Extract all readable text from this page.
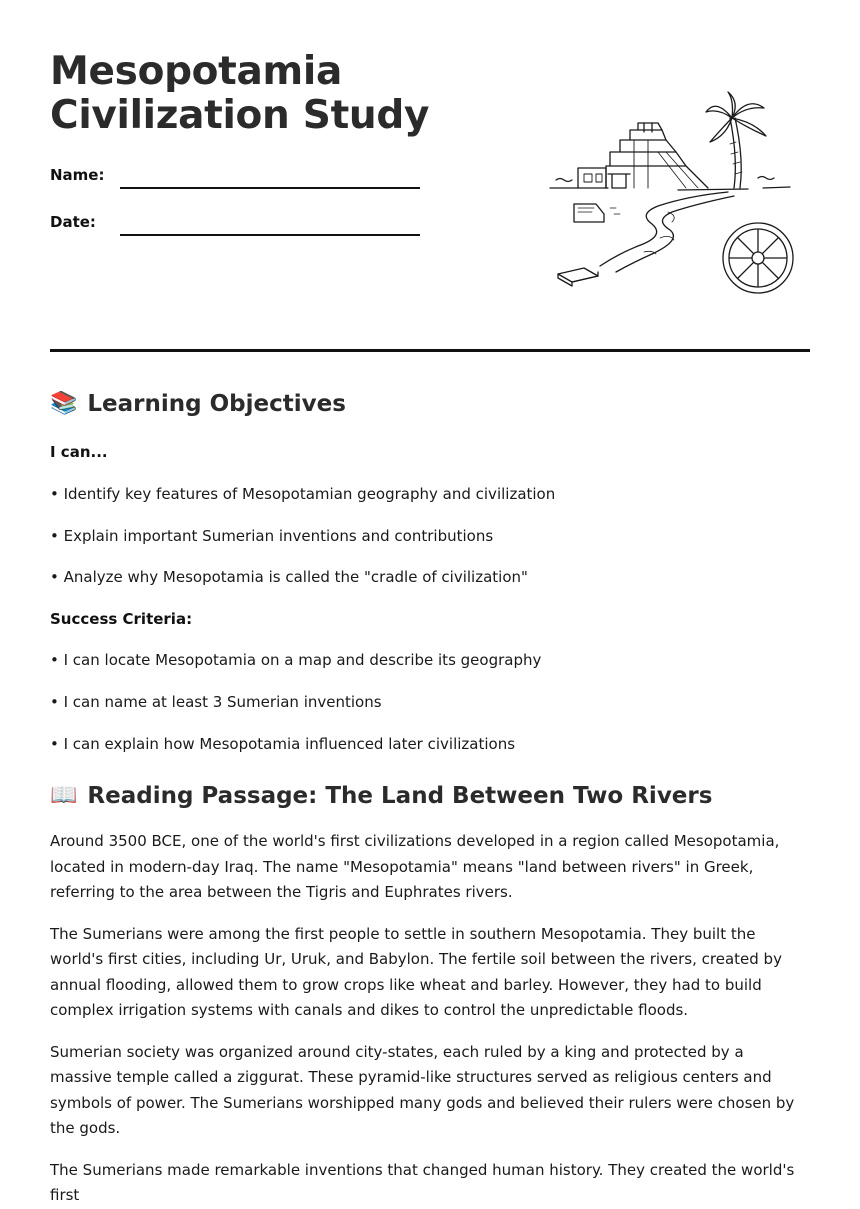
Mesopotamia
Civilization Study
Name:
Date:
📚 Learning Objectives

I can...

• Identify key features of Mesopotamian geography and civilization

• Explain important Sumerian inventions and contributions

• Analyze why Mesopotamia is called the "cradle of civilization"

Success Criteria:

• I can locate Mesopotamia on a map and describe its geography

• I can name at least 3 Sumerian inventions

• I can explain how Mesopotamia influenced later civilizations

📖 Reading Passage: The Land Between Two Rivers

Around 3500 BCE, one of the world's first civilizations developed in a region called Mesopotamia, located in modern-day Iraq. The name "Mesopotamia" means "land between rivers" in Greek, referring to the area between the Tigris and Euphrates rivers.

The Sumerians were among the first people to settle in southern Mesopotamia. They built the world's first cities, including Ur, Uruk, and Babylon. The fertile soil between the rivers, created by annual flooding, allowed them to grow crops like wheat and barley. However, they had to build complex irrigation systems with canals and dikes to control the unpredictable floods.

Sumerian society was organized around city-states, each ruled by a king and protected by a massive temple called a ziggurat. These pyramid-like structures served as religious centers and symbols of power. The Sumerians worshipped many gods and believed their rulers were chosen by the gods.

The Sumerians made remarkable inventions that changed human history. They created the world's first
